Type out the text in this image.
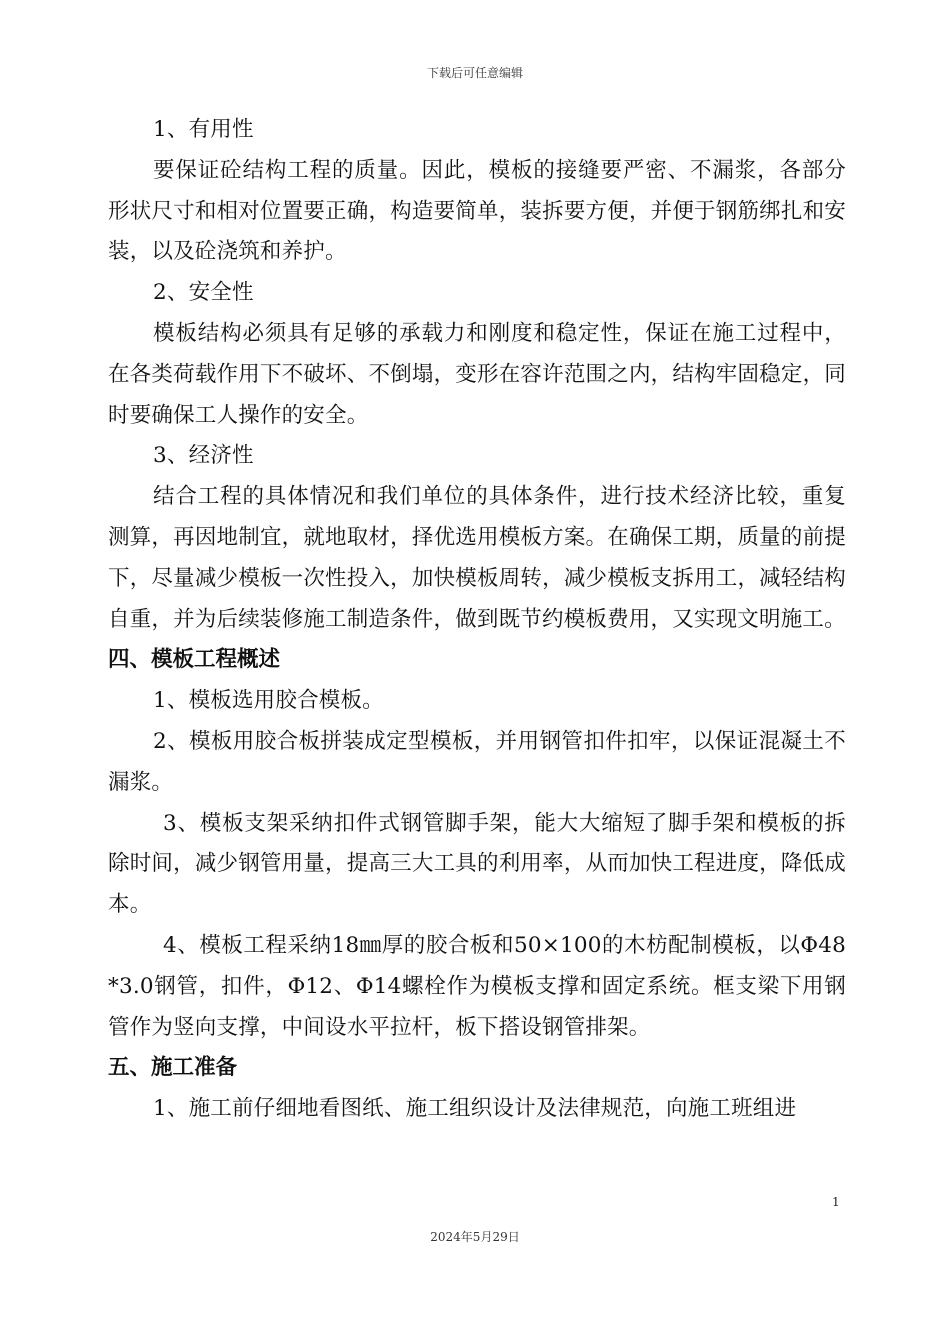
下载后可任意编辑

1、有用性

要保证砼结构工程的质量。因此，模板的接缝要严密、不漏浆，各部分形状尺寸和相对位置要正确，构造要简单，装拆要方便，并便于钢筋绑扎和安装，以及砼浇筑和养护。

2、安全性

模板结构必须具有足够的承载力和刚度和稳定性，保证在施工过程中，在各类荷载作用下不破坏、不倒塌，变形在容许范围之内，结构牢固稳定，同时要确保工人操作的安全。

3、经济性

结合工程的具体情况和我们单位的具体条件，进行技术经济比较，重复测算，再因地制宜，就地取材，择优选用模板方案。在确保工期，质量的前提下，尽量减少模板一次性投入，加快模板周转，减少模板支拆用工，减轻结构自重，并为后续装修施工制造条件，做到既节约模板费用，又实现文明施工。

四、模板工程概述

1、模板选用胶合模板。

2、模板用胶合板拼装成定型模板，并用钢管扣件扣牢，以保证混凝土不漏浆。

3、模板支架采纳扣件式钢管脚手架，能大大缩短了脚手架和模板的拆除时间，减少钢管用量，提高三大工具的利用率，从而加快工程进度，降低成本。

4、模板工程采纳18㎜厚的胶合板和50×100的木枋配制模板，以Φ48*3.0钢管，扣件，Φ12、Φ14螺栓作为模板支撑和固定系统。框支梁下用钢管作为竖向支撑，中间设水平拉杆，板下搭设钢管排架。

五、施工准备

1、施工前仔细地看图纸、施工组织设计及法律规范，向施工班组进

1
2024年5月29日
